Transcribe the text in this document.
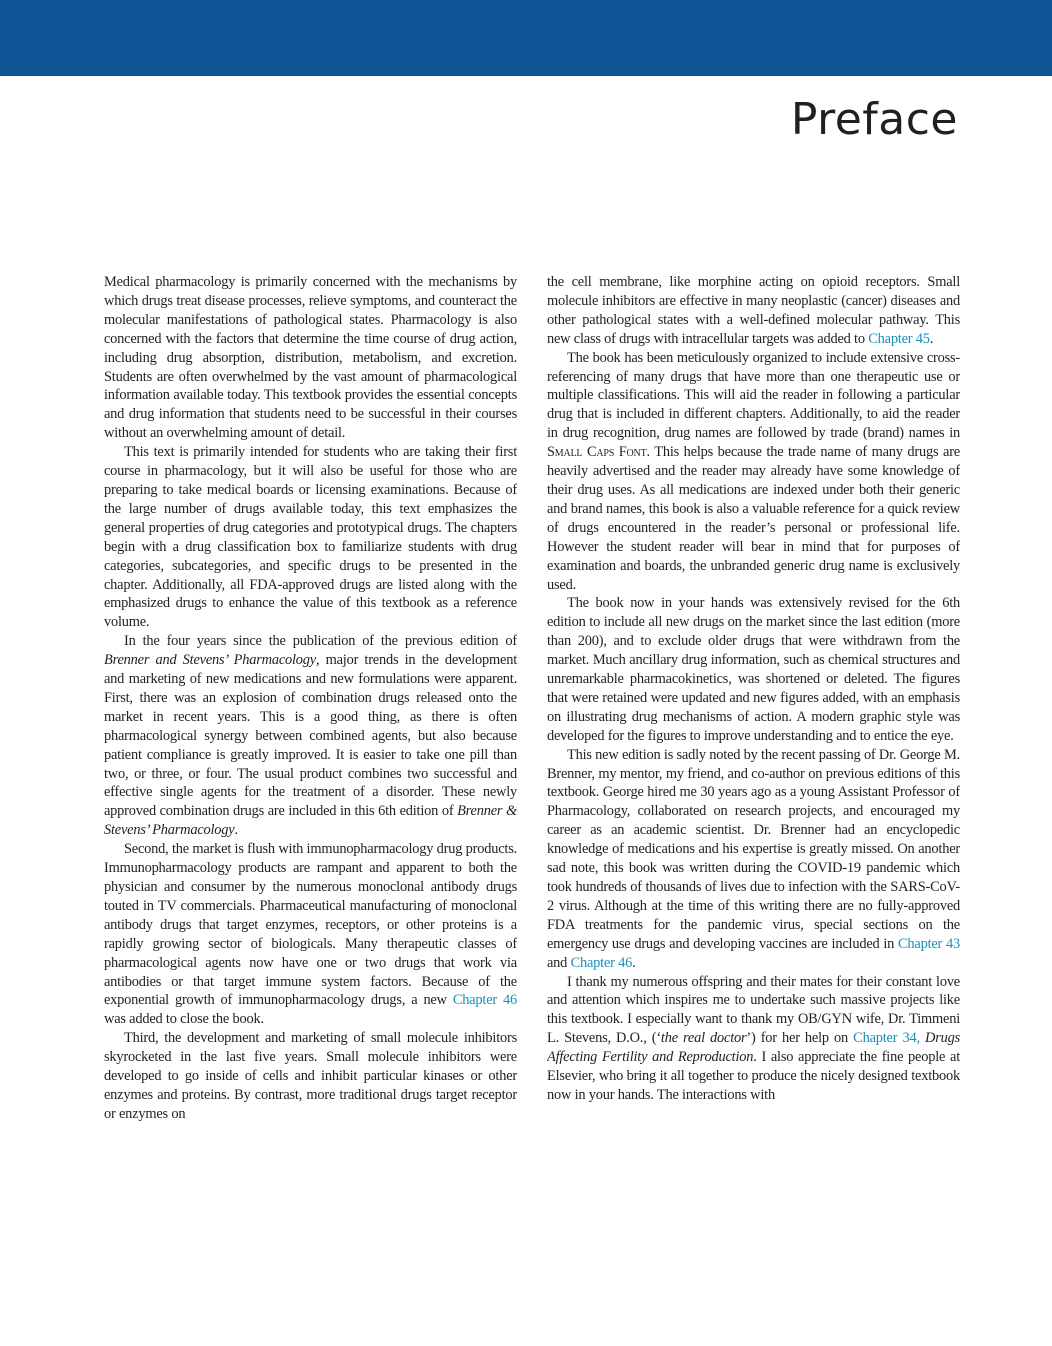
Preface

Medical pharmacology is primarily concerned with the mechanisms by which drugs treat disease processes, relieve symptoms, and counteract the molecular manifestations of pathological states. Pharmacology is also concerned with the factors that determine the time course of drug action, including drug absorption, distribution, metabolism, and excretion. Students are often overwhelmed by the vast amount of pharmacological information available today. This textbook provides the essential concepts and drug information that students need to be successful in their courses without an overwhelming amount of detail.

This text is primarily intended for students who are taking their first course in pharmacology, but it will also be useful for those who are preparing to take medical boards or licensing examinations. Because of the large number of drugs available today, this text emphasizes the general properties of drug categories and prototypical drugs. The chapters begin with a drug classification box to familiarize students with drug categories, subcategories, and specific drugs to be presented in the chapter. Additionally, all FDA-approved drugs are listed along with the emphasized drugs to enhance the value of this textbook as a reference volume.

In the four years since the publication of the previous edition of Brenner and Stevens’ Pharmacology, major trends in the development and marketing of new medications and new formulations were apparent. First, there was an explosion of combination drugs released onto the market in recent years. This is a good thing, as there is often pharmacological synergy between combined agents, but also because patient compliance is greatly improved. It is easier to take one pill than two, or three, or four. The usual product combines two successful and effective single agents for the treatment of a disorder. These newly approved combination drugs are included in this 6th edition of Brenner & Stevens’ Pharmacology.

Second, the market is flush with immunopharmacology drug products. Immunopharmacology products are rampant and apparent to both the physician and consumer by the numerous monoclonal antibody drugs touted in TV commercials. Pharmaceutical manufacturing of monoclonal antibody drugs that target enzymes, receptors, or other proteins is a rapidly growing sector of biologicals. Many therapeutic classes of pharmacological agents now have one or two drugs that work via antibodies or that target immune system factors. Because of the exponential growth of immunopharmacology drugs, a new Chapter 46 was added to close the book.

Third, the development and marketing of small molecule inhibitors skyrocketed in the last five years. Small molecule inhibitors were developed to go inside of cells and inhibit particular kinases or other enzymes and proteins. By contrast, more traditional drugs target receptor or enzymes on

the cell membrane, like morphine acting on opioid receptors. Small molecule inhibitors are effective in many neoplastic (cancer) diseases and other pathological states with a well-defined molecular pathway. This new class of drugs with intracellular targets was added to Chapter 45.

The book has been meticulously organized to include extensive cross-referencing of many drugs that have more than one therapeutic use or multiple classifications. This will aid the reader in following a particular drug that is included in different chapters. Additionally, to aid the reader in drug recognition, drug names are followed by trade (brand) names in Small Caps Font. This helps because the trade name of many drugs are heavily advertised and the reader may already have some knowledge of their drug uses. As all medications are indexed under both their generic and brand names, this book is also a valuable reference for a quick review of drugs encountered in the reader’s personal or professional life. However the student reader will bear in mind that for purposes of examination and boards, the unbranded generic drug name is exclusively used.

The book now in your hands was extensively revised for the 6th edition to include all new drugs on the market since the last edition (more than 200), and to exclude older drugs that were withdrawn from the market. Much ancillary drug information, such as chemical structures and unremarkable pharmacokinetics, was shortened or deleted. The figures that were retained were updated and new figures added, with an emphasis on illustrating drug mechanisms of action. A modern graphic style was developed for the figures to improve understanding and to entice the eye.

This new edition is sadly noted by the recent passing of Dr. George M. Brenner, my mentor, my friend, and co-author on previous editions of this textbook. George hired me 30 years ago as a young Assistant Professor of Pharmacology, collaborated on research projects, and encouraged my career as an academic scientist. Dr. Brenner had an encyclopedic knowledge of medications and his expertise is greatly missed. On another sad note, this book was written during the COVID-19 pandemic which took hundreds of thousands of lives due to infection with the SARS-CoV-2 virus. Although at the time of this writing there are no fully-approved FDA treatments for the pandemic virus, special sections on the emergency use drugs and developing vaccines are included in Chapter 43 and Chapter 46.

I thank my numerous offspring and their mates for their constant love and attention which inspires me to undertake such massive projects like this textbook. I especially want to thank my OB/GYN wife, Dr. Timmeni L. Stevens, D.O., (‘the real doctor’) for her help on Chapter 34, Drugs Affecting Fertility and Reproduction. I also appreciate the fine people at Elsevier, who bring it all together to produce the nicely designed textbook now in your hands. The interactions with
